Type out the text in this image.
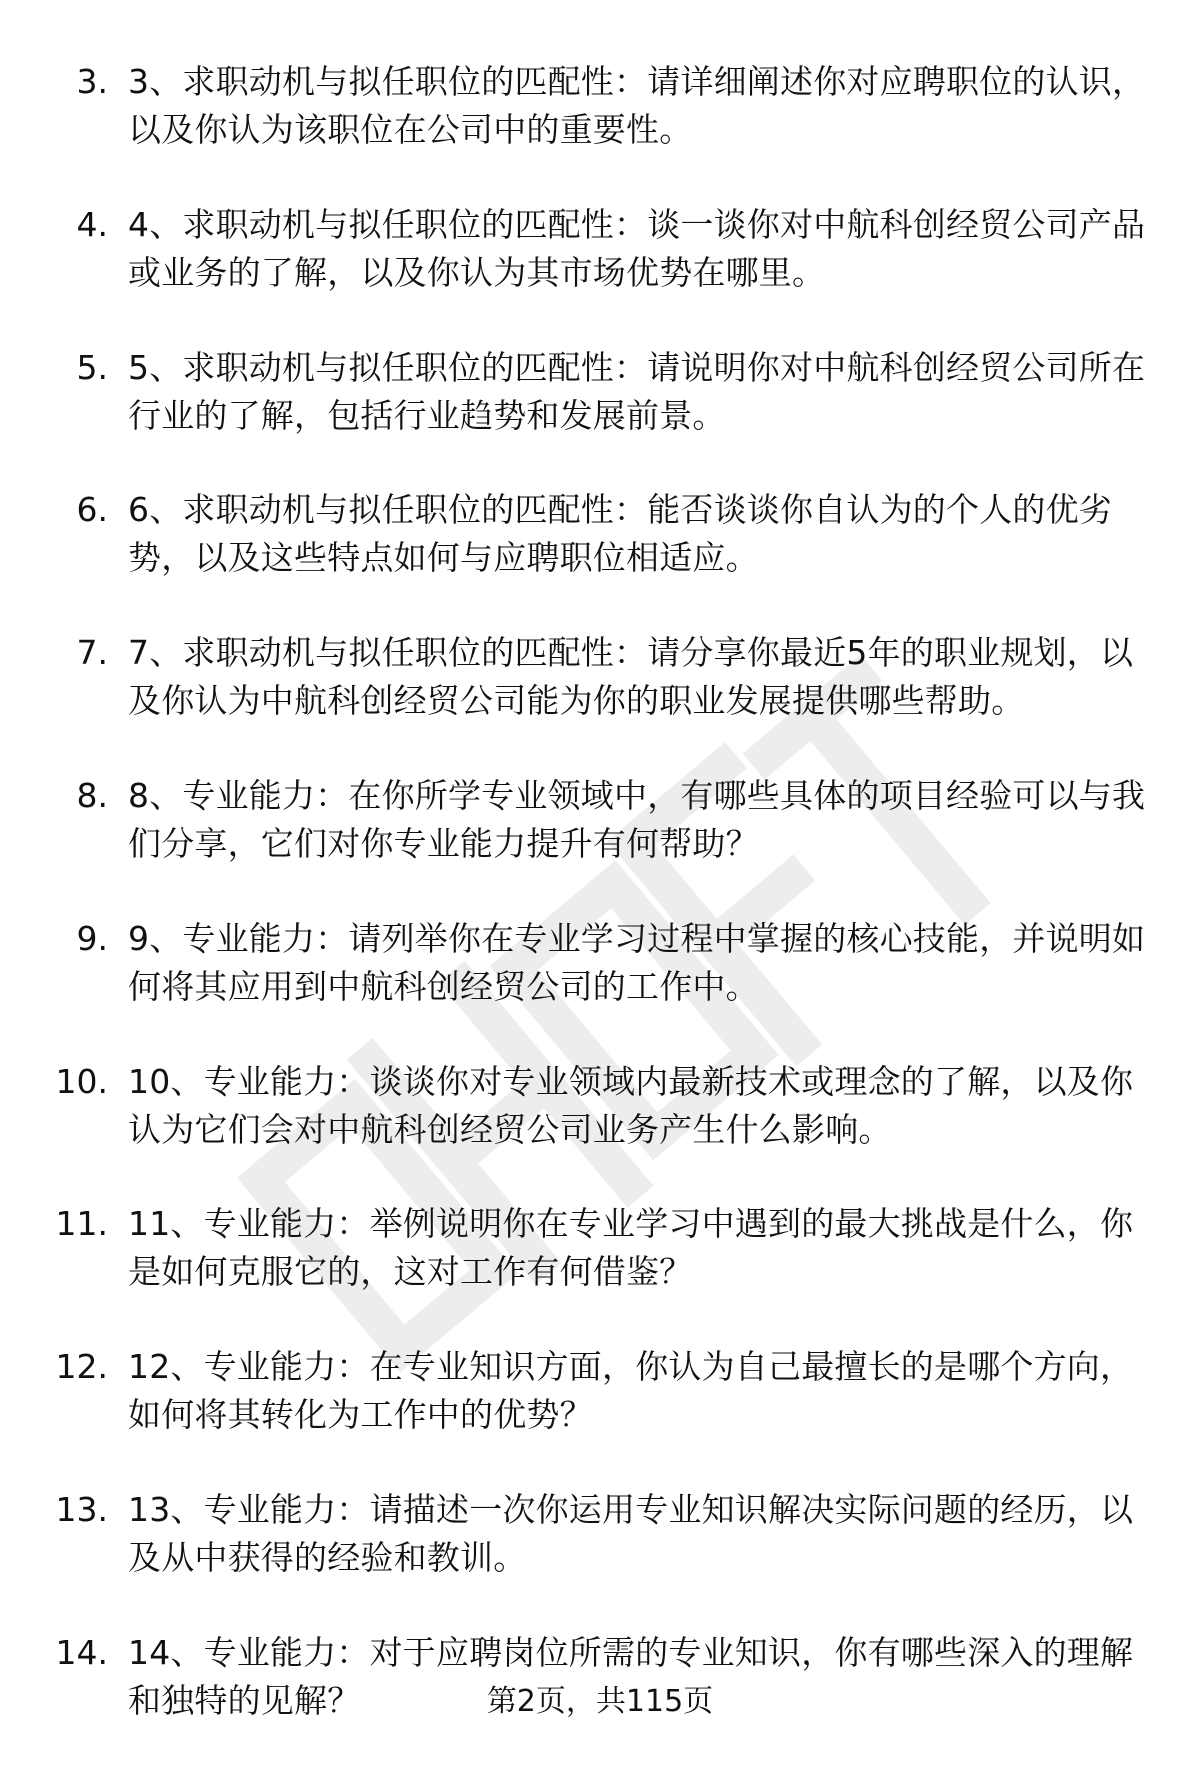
3. 3、求职动机与拟任职位的匹配性：请详细阐述你对应聘职位的认识，以及你认为该职位在公司中的重要性。
4. 4、求职动机与拟任职位的匹配性：谈一谈你对中航科创经贸公司产品或业务的了解，以及你认为其市场优势在哪里。
5. 5、求职动机与拟任职位的匹配性：请说明你对中航科创经贸公司所在行业的了解，包括行业趋势和发展前景。
6. 6、求职动机与拟任职位的匹配性：能否谈谈你自认为的个人的优劣势，以及这些特点如何与应聘职位相适应。
7. 7、求职动机与拟任职位的匹配性：请分享你最近5年的职业规划，以及你认为中航科创经贸公司能为你的职业发展提供哪些帮助。
8. 8、专业能力：在你所学专业领域中，有哪些具体的项目经验可以与我们分享，它们对你专业能力提升有何帮助？
9. 9、专业能力：请列举你在专业学习过程中掌握的核心技能，并说明如何将其应用到中航科创经贸公司的工作中。
10. 10、专业能力：谈谈你对专业领域内最新技术或理念的了解，以及你认为它们会对中航科创经贸公司业务产生什么影响。
11. 11、专业能力：举例说明你在专业学习中遇到的最大挑战是什么，你是如何克服它的，这对工作有何借鉴？
12. 12、专业能力：在专业知识方面，你认为自己最擅长的是哪个方向，如何将其转化为工作中的优势？
13. 13、专业能力：请描述一次你运用专业知识解决实际问题的经历，以及从中获得的经验和教训。
14. 14、专业能力：对于应聘岗位所需的专业知识，你有哪些深入的理解和独特的见解？	第2页，共115页
